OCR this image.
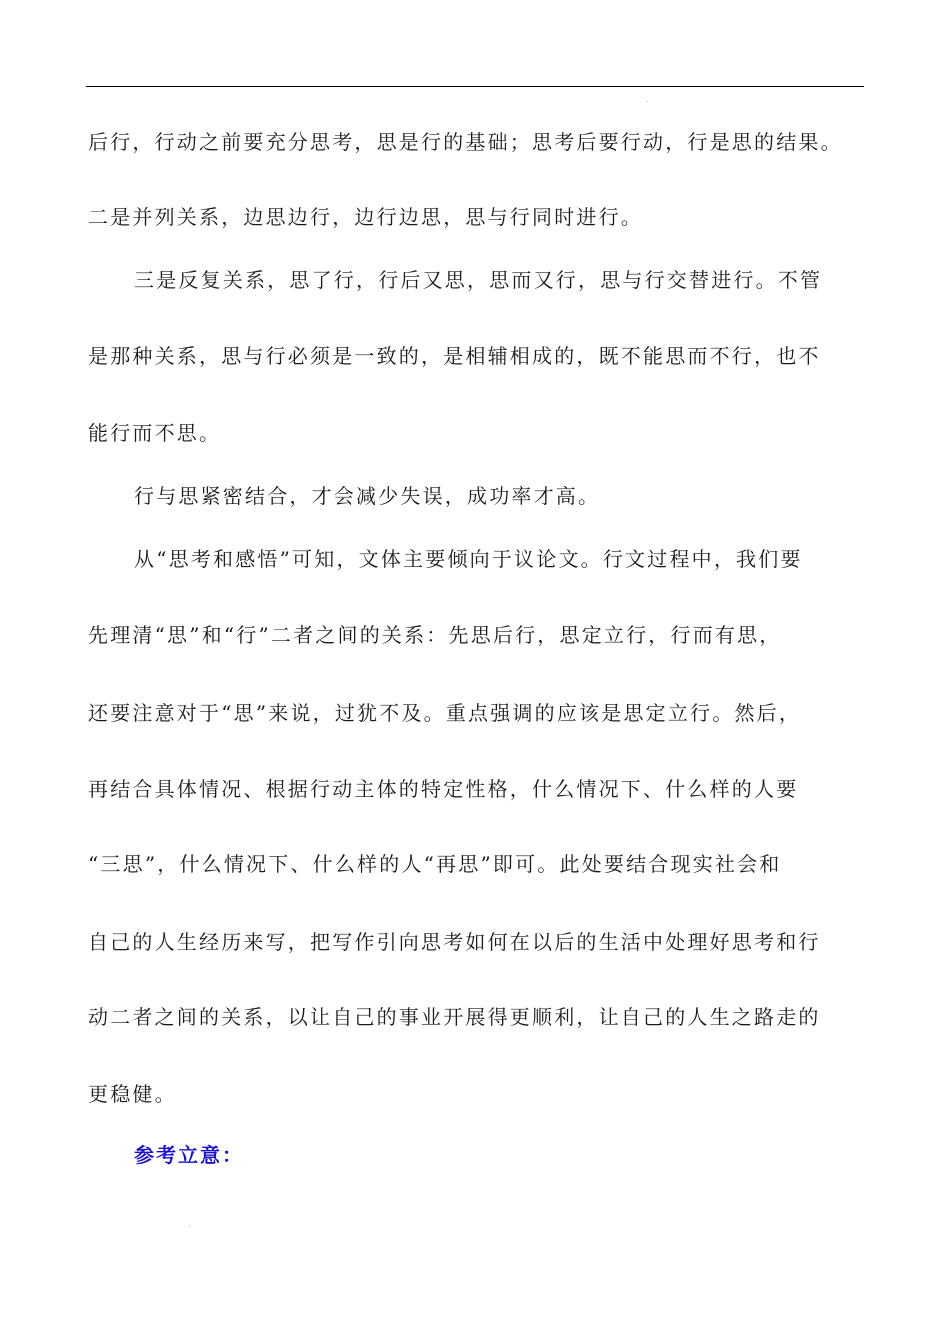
后行，行动之前要充分思考，思是行的基础；思考后要行动，行是思的结果。
二是并列关系，边思边行，边行边思，思与行同时进行。
三是反复关系，思了行，行后又思，思而又行，思与行交替进行。不管
是那种关系，思与行必须是一致的，是相辅相成的，既不能思而不行，也不
能行而不思。
行与思紧密结合，才会减少失误，成功率才高。
从“思考和感悟”可知，文体主要倾向于议论文。行文过程中，我们要
先理清“思”和“行”二者之间的关系：先思后行，思定立行，行而有思，
还要注意对于“思”来说，过犹不及。重点强调的应该是思定立行。然后，
再结合具体情况、根据行动主体的特定性格，什么情况下、什么样的人要
“三思”，什么情况下、什么样的人“再思”即可。此处要结合现实社会和
自己的人生经历来写，把写作引向思考如何在以后的生活中处理好思考和行
动二者之间的关系，以让自己的事业开展得更顺利，让自己的人生之路走的
更稳健。
参考立意：
